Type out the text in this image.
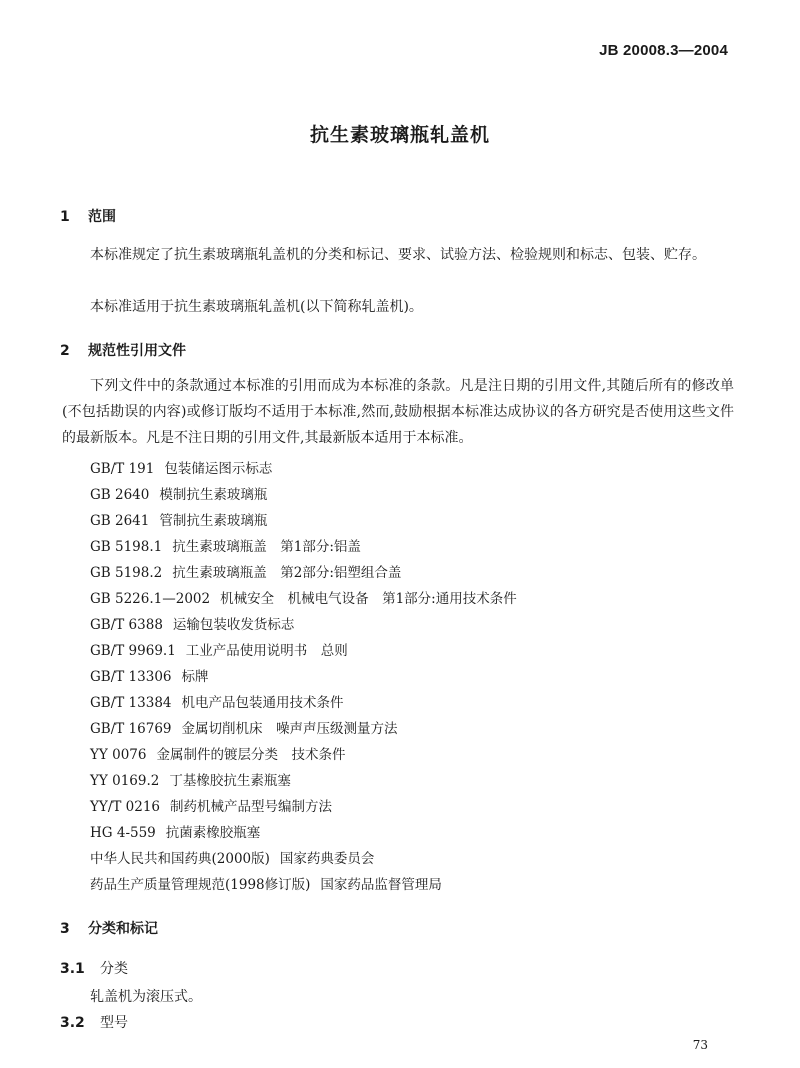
JB 20008.3—2004
抗生素玻璃瓶轧盖机
1 范围
本标准规定了抗生素玻璃瓶轧盖机的分类和标记、要求、试验方法、检验规则和标志、包装、贮存。
本标准适用于抗生素玻璃瓶轧盖机(以下简称轧盖机)。
2 规范性引用文件
下列文件中的条款通过本标准的引用而成为本标准的条款。凡是注日期的引用文件,其随后所有的修改单(不包括勘误的内容)或修订版均不适用于本标准,然而,鼓励根据本标准达成协议的各方研究是否使用这些文件的最新版本。凡是不注日期的引用文件,其最新版本适用于本标准。
GB/T 191 包装储运图示标志
GB 2640 模制抗生素玻璃瓶
GB 2641 管制抗生素玻璃瓶
GB 5198.1 抗生素玻璃瓶盖　第1部分:铝盖
GB 5198.2 抗生素玻璃瓶盖　第2部分:铝塑组合盖
GB 5226.1—2002 机械安全　机械电气设备　第1部分:通用技术条件
GB/T 6388 运输包装收发货标志
GB/T 9969.1 工业产品使用说明书　总则
GB/T 13306 标牌
GB/T 13384 机电产品包装通用技术条件
GB/T 16769 金属切削机床　噪声声压级测量方法
YY 0076 金属制件的镀层分类　技术条件
YY 0169.2 丁基橡胶抗生素瓶塞
YY/T 0216 制药机械产品型号编制方法
HG 4-559 抗菌素橡胶瓶塞
中华人民共和国药典(2000版) 国家药典委员会
药品生产质量管理规范(1998修订版) 国家药品监督管理局
3 分类和标记
3.1 分类
轧盖机为滚压式。
3.2 型号
73
